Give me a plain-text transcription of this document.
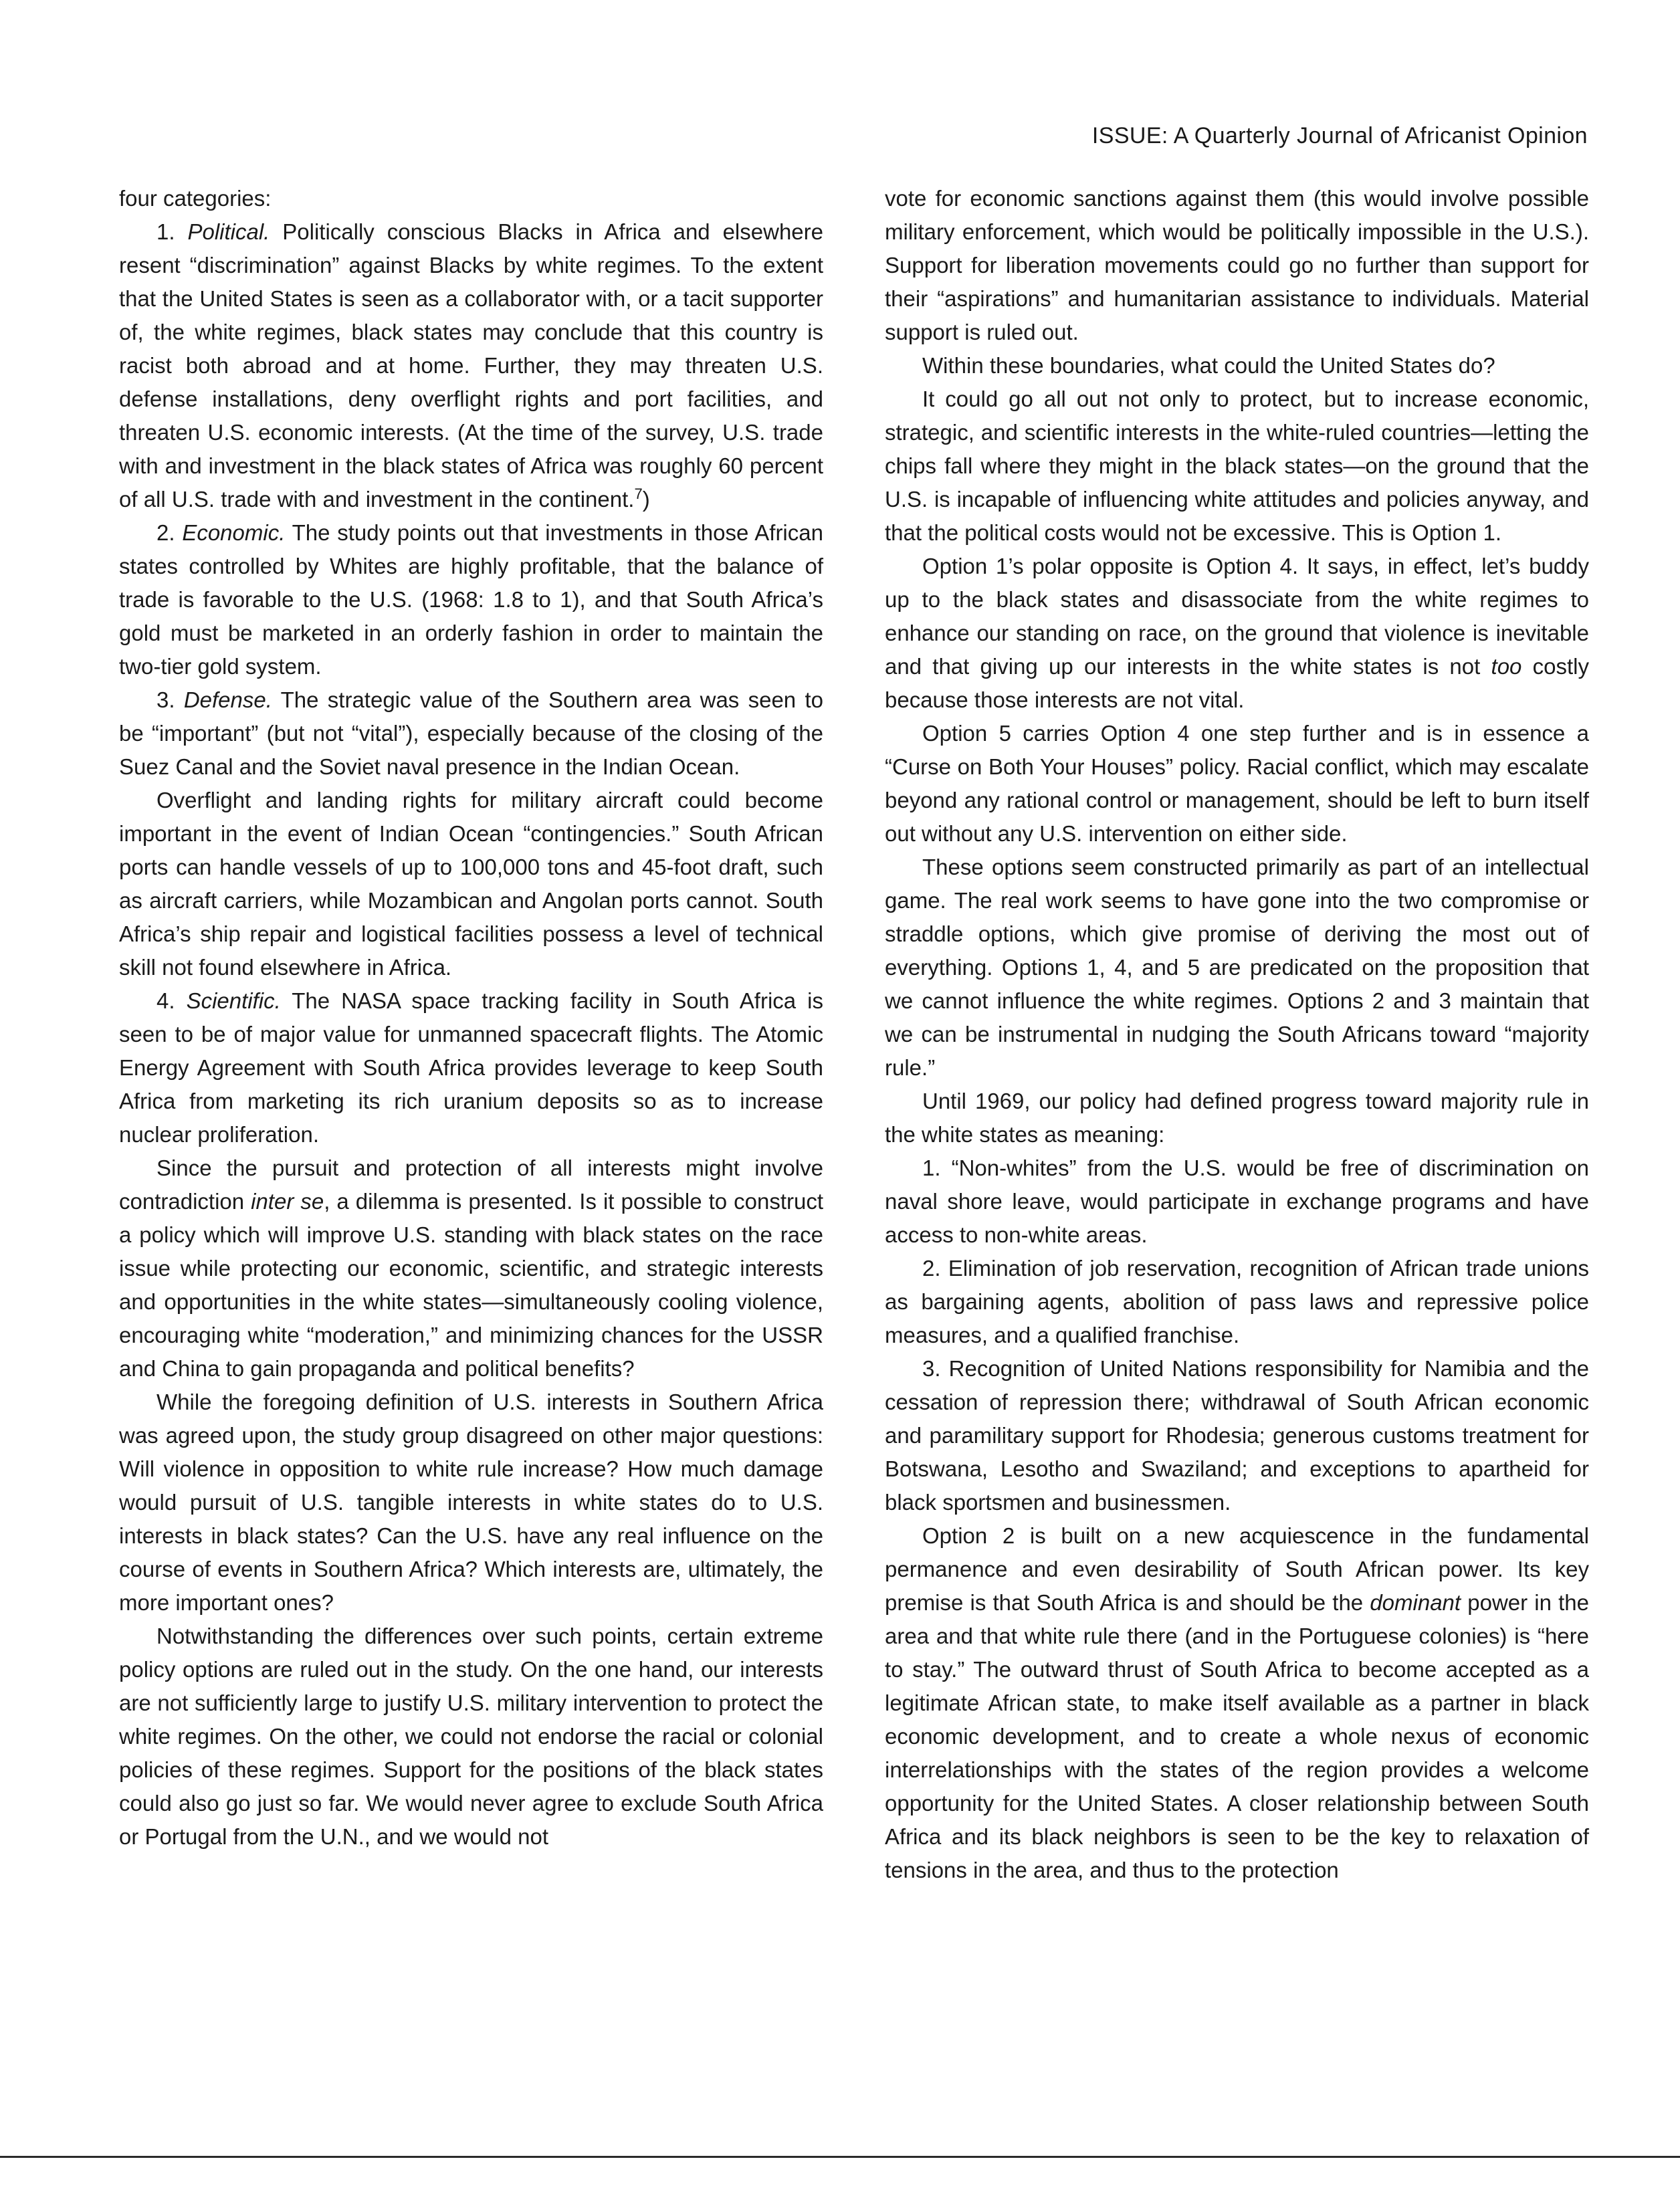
ISSUE: A Quarterly Journal of Africanist Opinion

four categories:

1. Political. Politically conscious Blacks in Africa and elsewhere resent “discrimination” against Blacks by white regimes. To the extent that the United States is seen as a collaborator with, or a tacit supporter of, the white regimes, black states may conclude that this country is racist both abroad and at home. Further, they may threaten U.S. defense installations, deny overflight rights and port facilities, and threaten U.S. economic interests. (At the time of the survey, U.S. trade with and investment in the black states of Africa was roughly 60 percent of all U.S. trade with and investment in the continent.$^7$)

2. Economic. The study points out that investments in those African states controlled by Whites are highly profitable, that the balance of trade is favorable to the U.S. (1968: 1.8 to 1), and that South Africa’s gold must be marketed in an orderly fashion in order to maintain the two-tier gold system.

3. Defense. The strategic value of the Southern area was seen to be “important” (but not “vital”), especially because of the closing of the Suez Canal and the Soviet naval presence in the Indian Ocean.

Overflight and landing rights for military aircraft could become important in the event of Indian Ocean “contingencies.” South African ports can handle vessels of up to 100,000 tons and 45-foot draft, such as aircraft carriers, while Mozambican and Angolan ports cannot. South Africa’s ship repair and logistical facilities possess a level of technical skill not found elsewhere in Africa.

4. Scientific. The NASA space tracking facility in South Africa is seen to be of major value for unmanned spacecraft flights. The Atomic Energy Agreement with South Africa provides leverage to keep South Africa from marketing its rich uranium deposits so as to increase nuclear proliferation.

Since the pursuit and protection of all interests might involve contradiction inter se, a dilemma is presented. Is it possible to construct a policy which will improve U.S. standing with black states on the race issue while protecting our economic, scientific, and strategic interests and opportunities in the white states—simultaneously cooling violence, encouraging white “moderation,” and minimizing chances for the USSR and China to gain propaganda and political benefits?

While the foregoing definition of U.S. interests in Southern Africa was agreed upon, the study group disagreed on other major questions: Will violence in opposition to white rule increase? How much damage would pursuit of U.S. tangible interests in white states do to U.S. interests in black states? Can the U.S. have any real influence on the course of events in Southern Africa? Which interests are, ultimately, the more important ones?

Notwithstanding the differences over such points, certain extreme policy options are ruled out in the study. On the one hand, our interests are not sufficiently large to justify U.S. military intervention to protect the white regimes. On the other, we could not endorse the racial or colonial policies of these regimes. Support for the positions of the black states could also go just so far. We would never agree to exclude South Africa or Portugal from the U.N., and we would not

vote for economic sanctions against them (this would involve possible military enforcement, which would be politically impossible in the U.S.). Support for liberation movements could go no further than support for their “aspirations” and humanitarian assistance to individuals. Material support is ruled out.

Within these boundaries, what could the United States do?

It could go all out not only to protect, but to increase economic, strategic, and scientific interests in the white-ruled countries—letting the chips fall where they might in the black states—on the ground that the U.S. is incapable of influencing white attitudes and policies anyway, and that the political costs would not be excessive. This is Option 1.

Option 1’s polar opposite is Option 4. It says, in effect, let’s buddy up to the black states and disassociate from the white regimes to enhance our standing on race, on the ground that violence is inevitable and that giving up our interests in the white states is not too costly because those interests are not vital.

Option 5 carries Option 4 one step further and is in essence a “Curse on Both Your Houses” policy. Racial conflict, which may escalate beyond any rational control or management, should be left to burn itself out without any U.S. intervention on either side.

These options seem constructed primarily as part of an intellectual game. The real work seems to have gone into the two compromise or straddle options, which give promise of deriving the most out of everything. Options 1, 4, and 5 are predicated on the proposition that we cannot influence the white regimes. Options 2 and 3 maintain that we can be instrumental in nudging the South Africans toward “majority rule.”

Until 1969, our policy had defined progress toward majority rule in the white states as meaning:

1. “Non-whites” from the U.S. would be free of discrimination on naval shore leave, would participate in exchange programs and have access to non-white areas.

2. Elimination of job reservation, recognition of African trade unions as bargaining agents, abolition of pass laws and repressive police measures, and a qualified franchise.

3. Recognition of United Nations responsibility for Namibia and the cessation of repression there; withdrawal of South African economic and paramilitary support for Rhodesia; generous customs treatment for Botswana, Lesotho and Swaziland; and exceptions to apartheid for black sportsmen and businessmen.

Option 2 is built on a new acquiescence in the fundamental permanence and even desirability of South African power. Its key premise is that South Africa is and should be the dominant power in the area and that white rule there (and in the Portuguese colonies) is “here to stay.” The outward thrust of South Africa to become accepted as a legitimate African state, to make itself available as a partner in black economic development, and to create a whole nexus of economic interrelationships with the states of the region provides a welcome opportunity for the United States. A closer relationship between South Africa and its black neighbors is seen to be the key to relaxation of tensions in the area, and thus to the protection
